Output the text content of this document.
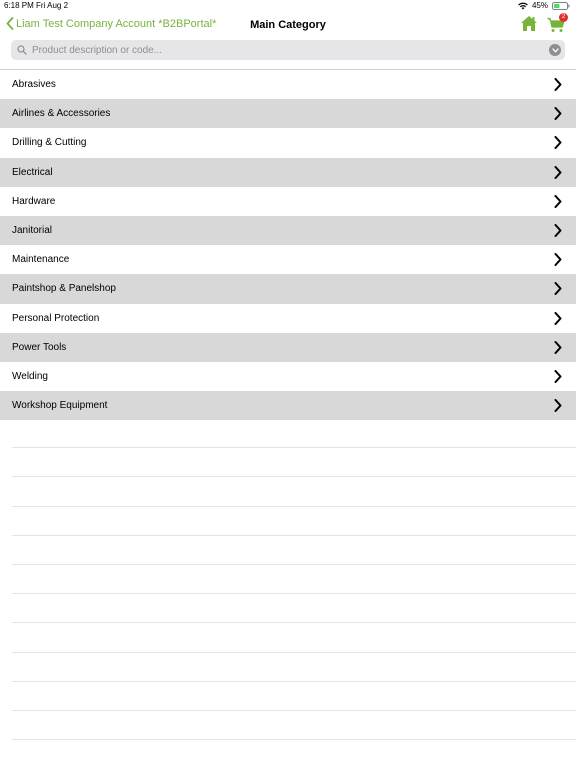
6:18 PM Fri Aug 2	45%
Liam Test Company Account *B2BPortal*	Main Category
2
Product description or code...
Abrasives
Airlines & Accessories
Drilling & Cutting
Electrical
Hardware
Janitorial
Maintenance
Paintshop & Panelshop
Personal Protection
Power Tools
Welding
Workshop Equipment
